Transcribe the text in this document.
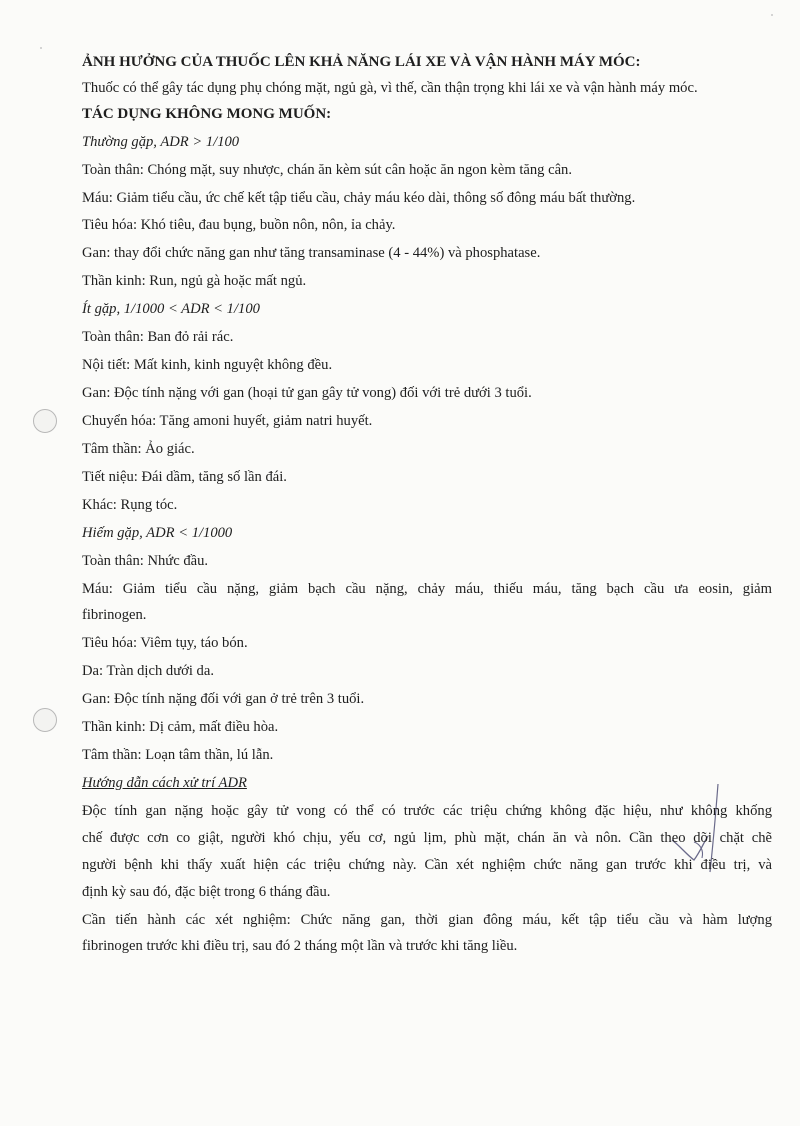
ẢNH HƯỞNG CỦA THUỐC LÊN KHẢ NĂNG LÁI XE VÀ VẬN HÀNH MÁY MÓC:
Thuốc có thể gây tác dụng phụ chóng mặt, ngủ gà, vì thế, cần thận trọng khi lái xe và vận hành máy móc.
TÁC DỤNG KHÔNG MONG MUỐN:
Thường gặp, ADR > 1/100
Toàn thân: Chóng mặt, suy nhược, chán ăn kèm sút cân hoặc ăn ngon kèm tăng cân.
Máu: Giảm tiểu cầu, ức chế kết tập tiểu cầu, chảy máu kéo dài, thông số đông máu bất thường.
Tiêu hóa: Khó tiêu, đau bụng, buồn nôn, nôn, ỉa chảy.
Gan: thay đổi chức năng gan như tăng transaminase (4 - 44%) và phosphatase.
Thần kinh: Run, ngủ gà hoặc mất ngủ.
Ít gặp, 1/1000 < ADR < 1/100
Toàn thân: Ban đỏ rải rác.
Nội tiết: Mất kinh, kinh nguyệt không đều.
Gan: Độc tính nặng với gan (hoại tử gan gây tử vong) đối với trẻ dưới 3 tuổi.
Chuyển hóa: Tăng amoni huyết, giảm natri huyết.
Tâm thần: Ảo giác.
Tiết niệu: Đái dầm, tăng số lần đái.
Khác: Rụng tóc.
Hiếm gặp, ADR < 1/1000
Toàn thân: Nhức đầu.
Máu: Giảm tiểu cầu nặng, giảm bạch cầu nặng, chảy máu, thiếu máu, tăng bạch cầu ưa eosin, giảm
fibrinogen.
Tiêu hóa: Viêm tụy, táo bón.
Da: Tràn dịch dưới da.
Gan: Độc tính nặng đối với gan ở trẻ trên 3 tuổi.
Thần kinh: Dị cảm, mất điều hòa.
Tâm thần: Loạn tâm thần, lú lẫn.
Hướng dẫn cách xử trí ADR
Độc tính gan nặng hoặc gây tử vong có thể có trước các triệu chứng không đặc hiệu, như không khống
chế được cơn co giật, người khó chịu, yếu cơ, ngủ lịm, phù mặt, chán ăn và nôn. Cần theo dõi chặt chẽ
người bệnh khi thấy xuất hiện các triệu chứng này. Cần xét nghiệm chức năng gan trước khi điều trị, và
định kỳ sau đó, đặc biệt trong 6 tháng đầu.
Cần tiến hành các xét nghiệm: Chức năng gan, thời gian đông máu, kết tập tiểu cầu và hàm lượng
fibrinogen trước khi điều trị, sau đó 2 tháng một lần và trước khi tăng liều.
